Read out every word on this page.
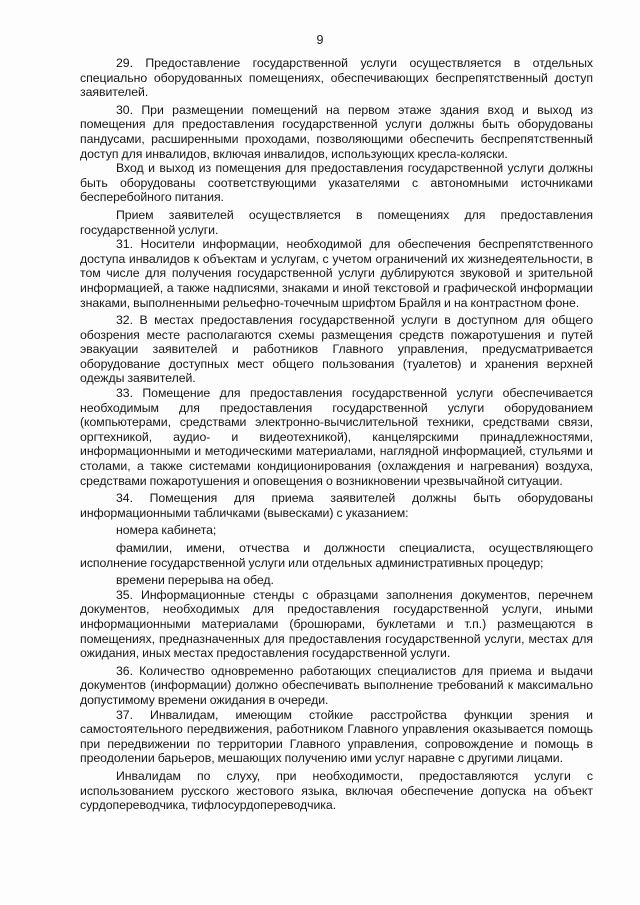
9

29. Предоставление государственной услуги осуществляется в отдельных специально оборудованных помещениях, обеспечивающих беспрепятственный доступ заявителей.

30. При размещении помещений на первом этаже здания вход и выход из помещения для предоставления государственной услуги должны быть оборудованы пандусами, расширенными проходами, позволяющими обеспечить беспрепятственный доступ для инвалидов, включая инвалидов, использующих кресла-коляски.

Вход и выход из помещения для предоставления государственной услуги должны быть оборудованы соответствующими указателями с автономными источниками бесперебойного питания.

Прием заявителей осуществляется в помещениях для предоставления государственной услуги.

31. Носители информации, необходимой для обеспечения беспрепятственного доступа инвалидов к объектам и услугам, с учетом ограничений их жизнедеятельности, в том числе для получения государственной услуги дублируются звуковой и зрительной информацией, а также надписями, знаками и иной текстовой и графической информации знаками, выполненными рельефно-точечным шрифтом Брайля и на контрастном фоне.

32. В местах предоставления государственной услуги в доступном для общего обозрения месте располагаются схемы размещения средств пожаротушения и путей эвакуации заявителей и работников Главного управления, предусматривается оборудование доступных мест общего пользования (туалетов) и хранения верхней одежды заявителей.

33. Помещение для предоставления государственной услуги обеспечивается необходимым для предоставления государственной услуги оборудованием (компьютерами, средствами электронно-вычислительной техники, средствами связи, оргтехникой, аудио- и видеотехникой), канцелярскими принадлежностями, информационными и методическими материалами, наглядной информацией, стульями и столами, а также системами кондиционирования (охлаждения и нагревания) воздуха, средствами пожаротушения и оповещения о возникновении чрезвычайной ситуации.

34. Помещения для приема заявителей должны быть оборудованы информационными табличками (вывесками) с указанием:

номера кабинета;

фамилии, имени, отчества и должности специалиста, осуществляющего исполнение государственной услуги или отдельных административных процедур;

времени перерыва на обед.

35. Информационные стенды с образцами заполнения документов, перечнем документов, необходимых для предоставления государственной услуги, иными информационными материалами (брошюрами, буклетами и т.п.) размещаются в помещениях, предназначенных для предоставления государственной услуги, местах для ожидания, иных местах предоставления государственной услуги.

36. Количество одновременно работающих специалистов для приема и выдачи документов (информации) должно обеспечивать выполнение требований к максимально допустимому времени ожидания в очереди.

37. Инвалидам, имеющим стойкие расстройства функции зрения и самостоятельного передвижения, работником Главного управления оказывается помощь при передвижении по территории Главного управления, сопровождение и помощь в преодолении барьеров, мешающих получению ими услуг наравне с другими лицами.

Инвалидам по слуху, при необходимости, предоставляются услуги с использованием русского жестового языка, включая обеспечение допуска на объект сурдопереводчика, тифлосурдопереводчика.
